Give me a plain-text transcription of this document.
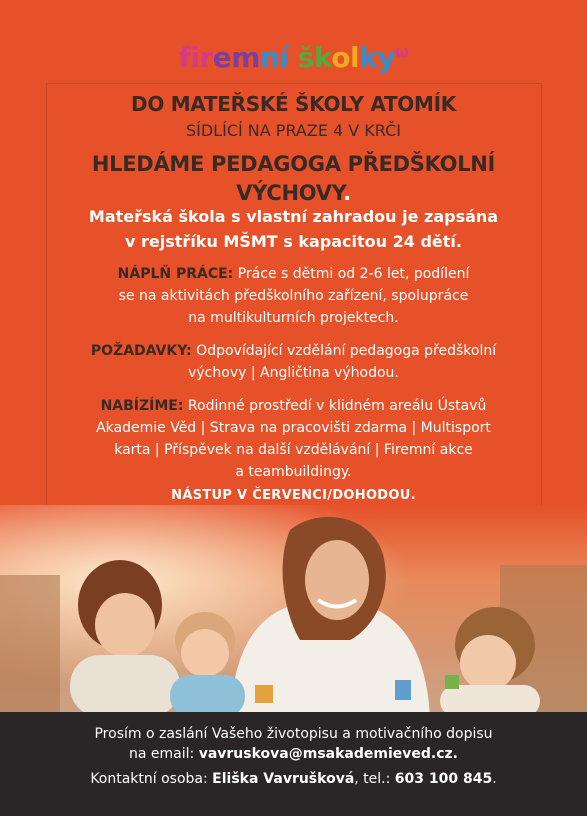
firemní školky$^\omega$
DO MATEŘSKÉ ŠKOLY ATOMÍK
SÍDLÍCÍ NA PRAZE 4 V KRČI
HLEDÁME PEDAGOGA PŘEDŠKOLNÍ
VÝCHOVY.
Mateřská škola s vlastní zahradou je zapsána
v rejstříku MŠMT s kapacitou 24 dětí.
NÁPLŇ PRÁCE: Práce s dětmi od 2-6 let, podílení
se na aktivitách předškolního zařízení, spolupráce
na multikulturních projektech.
POŽADAVKY: Odpovídající vzdělání pedagoga předškolní
výchovy | Angličtina výhodou.
NABÍZÍME: Rodinné prostředí v klidném areálu Ústavů
Akademie Věd | Strava na pracovišti zdarma | Multisport
karta | Příspěvek na další vzdělávání | Firemní akce
a teambuildingy.
NÁSTUP V ČERVENCI/DOHODOU.
Prosím o zaslání Vašeho životopisu a motivačního dopisu
na email: vavruskova@msakademieved.cz.
Kontaktní osoba: Eliška Vavrušková, tel.: 603 100 845.
